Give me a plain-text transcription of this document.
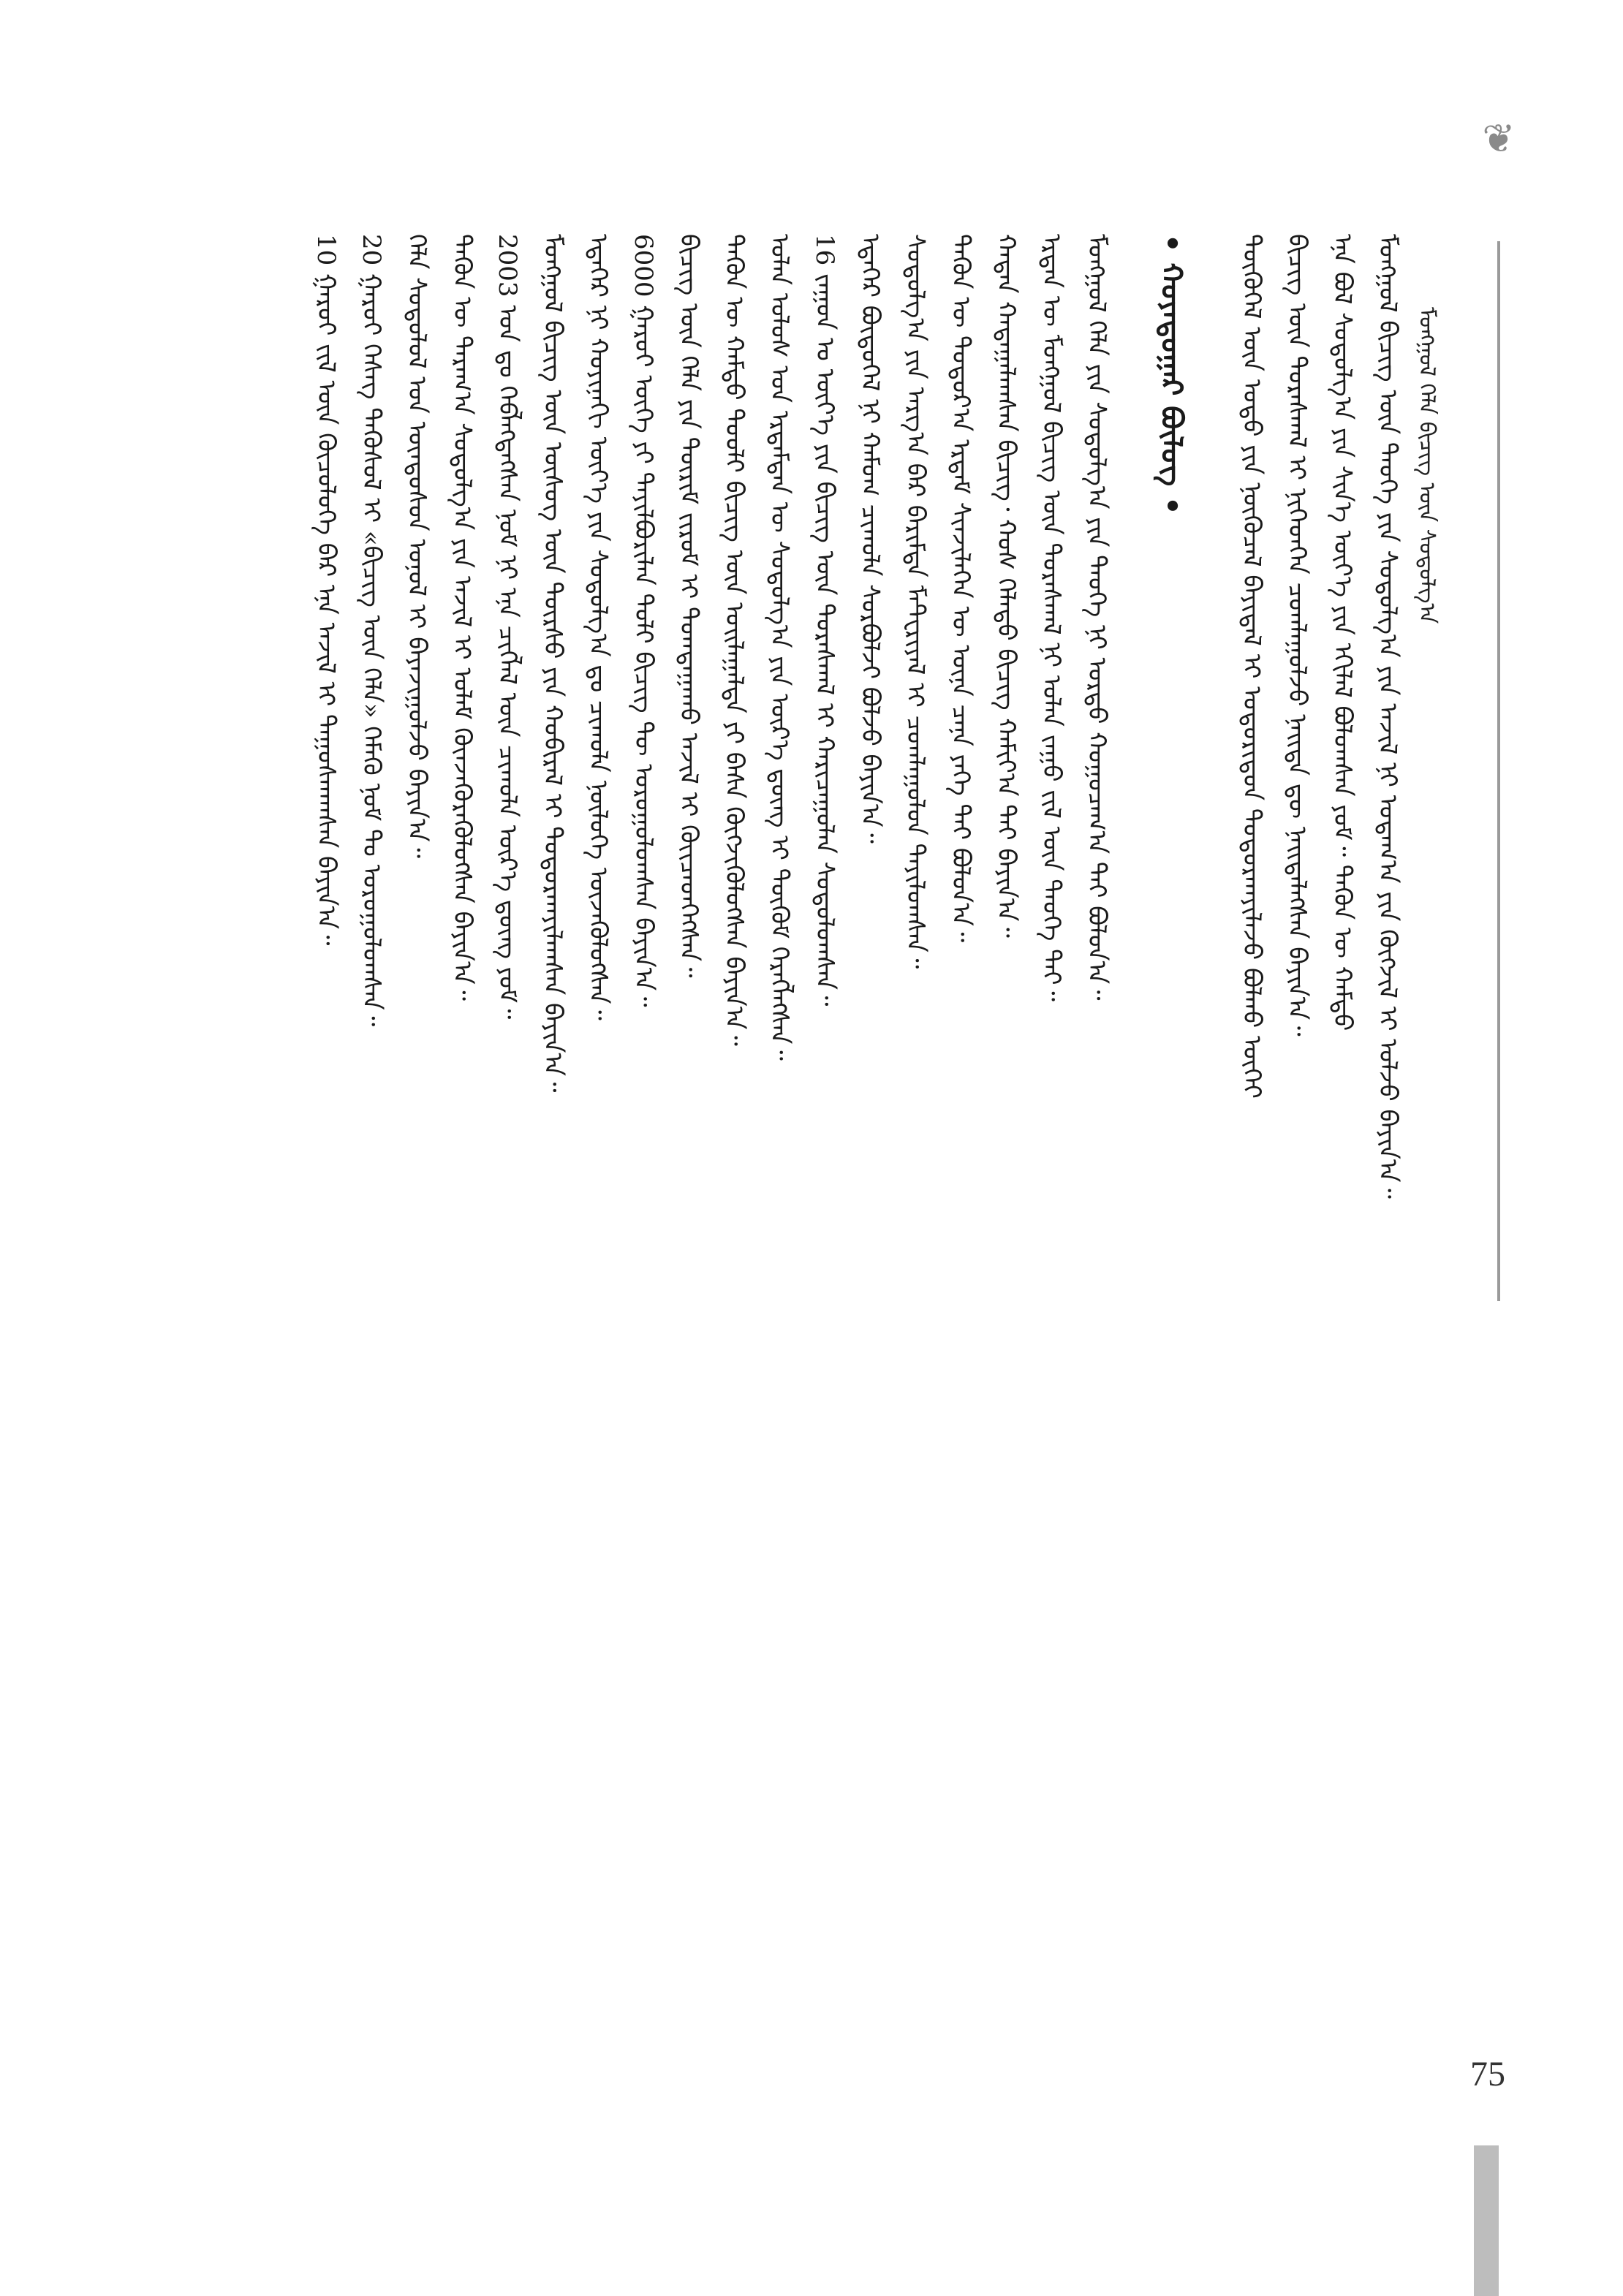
❦
ᠮᠣᠩᠭᠣᠯ ᠬᠡᠯᠡ ᠪᠢᠴᠢᠭ ᠦᠨ ᠰᠤᠳᠤᠯᠭ᠎ᠠ
ᠮᠣᠩᠭᠣᠯ ᠪᠢᠴᠢᠭ ᠦᠨ ᠲᠡᠦᠬᠡ ᠶᠢᠨ ᠰᠤᠳᠤᠯᠭ᠎ᠠ ᠶᠢᠨ ᠠᠵᠢᠯ ᠨᠢ ᠤᠳᠠᠭ᠎ᠠ ᠶᠢᠨ ᠬᠦᠭᠵᠢᠯ ᠢ ᠣᠯᠵᠤ ᠪᠠᠶᠢᠨ᠎ᠠ᠃
ᠡᠨᠡ ᠪᠣᠯ ᠰᠤᠳᠤᠯᠭ᠎ᠠ ᠶᠢᠨ ᠰᠢᠨ᠎ᠡ ᠦᠶ᠎ᠡ ᠶᠢᠨ ᠡᠬᠢᠯᠡᠯ ᠪᠣᠯᠤᠭᠰᠠᠨ ᠶᠤᠮ᠃ ᠲᠡᠭᠦᠨ ᠦ ᠬᠠᠮᠲᠤ
ᠪᠢᠴᠢᠭ ᠦᠨ ᠳᠤᠷᠠᠰᠬᠠᠯ ᠢ ᠨᠢᠭᠡᠳᠬᠡᠨ ᠴᠤᠭᠯᠠᠭᠤᠯᠵᠤ ᠨᠡᠢᠲᠡ ᠳᠦ ᠨᠡᠢᠲᠡᠯᠡᠭᠰᠡᠨ ᠪᠠᠶᠢᠨ᠎ᠠ᠃
ᠲᠦᠭᠦᠬᠡᠯ ᠦᠨ ᠣᠳᠣ ᠶᠢᠨ ᠨᠦᠬᠦᠴᠡᠯ ᠪᠠᠶᠢᠳᠠᠯ ᠢ ᠤᠳᠤᠷᠢᠳᠤᠨ ᠲᠣᠳᠣᠷᠬᠠᠶᠢᠯᠠᠵᠤ ᠪᠣᠯᠬᠤ ᠦᠭᠡᠢ
• ᠬᠣᠶᠠᠳᠤᠭᠠᠷ ᠪᠦᠯᠦᠭ •
ᠮᠣᠩᠭᠣᠯ ᠬᠡᠯᠡ ᠶᠢᠨ ᠰᠤᠳᠤᠯᠭ᠎ᠠ ᠶᠢᠨ ᠲᠡᠦᠬᠡ ᠨᠢ ᠤᠷᠲᠤ ᠬᠤᠭᠤᠴᠠᠭ᠎ᠠ ᠲᠠᠢ ᠪᠣᠯᠤᠨ᠎ᠠ᠃
ᠡᠷᠲᠡᠨ ᠦ ᠮᠣᠩᠭᠣᠯ ᠪᠢᠴᠢᠭ ᠦᠨ ᠳᠤᠷᠠᠰᠬᠠᠯ ᠨᠢ ᠣᠯᠠᠨ ᠵᠠᠭᠤ ᠵᠢᠯ ᠦᠨ ᠲᠡᠦᠬᠡ ᠲᠠᠢ᠃
ᠬᠠᠳᠠᠨ ᠬᠠᠳᠠᠭᠠᠯᠠᠭᠰᠠᠨ ᠪᠢᠴᠢᠭ᠂ ᠬᠣᠰ ᠬᠡᠯᠡᠲᠦ ᠪᠢᠴᠢᠭ ᠬᠠᠮᠢᠶ᠎ᠠ ᠲᠠᠢ ᠪᠠᠶᠢᠨ᠎ᠠ᠃
ᠲᠡᠭᠦᠨ ᠦ ᠳᠣᠲᠣᠷ᠎ᠠ ᠡᠷᠳᠡᠮ ᠰᠢᠨᠵᠢᠯᠡᠭᠡᠨ ᠦ ᠦᠨᠡ ᠴᠡᠨᠡ ᠶᠡᠬᠡ ᠲᠠᠢ ᠪᠣᠯᠤᠨ᠎ᠠ᠃
ᠰᠤᠳᠤᠯᠭ᠎ᠠ ᠶᠢᠨ ᠠᠷᠭ᠎ᠠ ᠪᠠᠷ ᠪᠠᠷᠢᠮᠲᠠ ᠮᠠᠲᠧᠷᠢᠶᠠᠯ ᠢ ᠴᠤᠭᠯᠠᠭᠤᠯᠤᠨ ᠲᠠᠶᠢᠯᠤᠭᠰᠠᠨ᠃
ᠡᠳᠡᠭᠡᠷ ᠪᠦᠲᠦᠭᠡᠯ ᠨᠢ ᠬᠠᠮᠤᠭ ᠴᠢᠬᠤᠯᠠ ᠰᠤᠷᠪᠤᠯᠵᠢ ᠪᠣᠯᠵᠤ ᠪᠠᠶᠢᠨ᠎ᠠ᠃
16 ᠵᠠᠭᠤᠨ ᠤ ᠦᠶ᠎ᠡ ᠶᠢᠨ ᠪᠢᠴᠢᠭ ᠦᠨ ᠳᠤᠷᠠᠰᠬᠠᠯ ᠢ ᠬᠠᠷᠢᠴᠠᠭᠤᠯᠠᠨ ᠰᠤᠳᠤᠯᠤᠭᠰᠠᠨ᠃
ᠣᠯᠠᠨ ᠤᠯᠤᠰ ᠤᠨ ᠡᠷᠳᠡᠮᠲᠡᠨ ᠦ ᠰᠤᠳᠤᠯᠭ᠎ᠠ ᠶᠢᠨ ᠦᠷ᠎ᠡ ᠳ᠋ᠦᠩ ᠢ ᠳᠦᠭᠦᠮ ᠬᠡᠷᠡᠭᠯᠡᠭᠰᠡᠨ᠃
ᠲᠡᠭᠦᠨ ᠦ ᠬᠠᠮᠲᠤ ᠲᠤᠤᠯᠢ ᠪᠢᠴᠢᠭ ᠦᠨ ᠣᠢᠯᠠᠭᠠᠯᠲᠠ ᠶᠢ ᠪᠠᠰᠠ ᠬᠥᠭᠵᠢᠭᠦᠯᠦᠭᠰᠡᠨ ᠪᠠᠶᠢᠨ᠎ᠠ᠃
ᠪᠢᠴᠢᠭ ᠦᠨ ᠬᠡᠯᠡ ᠶᠢᠨ ᠳᠦᠷᠢᠮ ᠵᠢᠷᠤᠮ ᠢ ᠲᠣᠭᠲᠠᠭᠠᠬᠤ ᠠᠵᠢᠯ ᠢ ᠭᠦᠢᠴᠡᠳᠬᠡᠭᠰᠡᠨ᠃
6000 ᠭᠠᠷᠤᠢ ᠦᠭᠡ ᠶᠢ ᠲᠠᠶᠢᠯᠪᠤᠷᠢᠯᠠᠨ ᠲᠣᠯᠢ ᠪᠢᠴᠢᠭ ᠲᠦ ᠣᠷᠤᠭᠤᠯᠤᠭᠰᠠᠨ ᠪᠠᠶᠢᠨ᠎ᠠ᠃
ᠡᠳᠡᠭᠡᠷ ᠨᠢ ᠬᠣᠶᠢᠨᠠᠬᠢ ᠦᠶ᠎ᠡ ᠶᠢᠨ ᠰᠤᠳᠤᠯᠭ᠎ᠠ ᠳᠤ ᠴᠢᠬᠤᠯᠠ ᠨᠥᠯᠦᠭᠡ ᠦᠵᠡᠭᠦᠯᠦᠭᠰᠡᠨ᠃
ᠮᠣᠩᠭᠣᠯ ᠪᠢᠴᠢᠭ ᠦᠨ ᠦᠰᠦᠭ ᠦᠨ ᠳᠦᠷᠰᠦ ᠶᠢᠨ ᠬᠤᠪᠢᠷᠠᠯ ᠢ ᠲᠣᠳᠣᠷᠬᠠᠶᠢᠯᠠᠭᠰᠠᠨ ᠪᠠᠶᠢᠨ᠎ᠠ᠃
2003 ᠣᠨ ᠳᠤ ᠬᠡᠪᠯᠡᠭᠳᠡᠭᠰᠡᠨ ᠨᠣᠮ ᠨᠢ ᠡᠨᠡ ᠴᠢᠭᠯᠡᠯ ᠦᠨ ᠴᠢᠬᠤᠯᠠ ᠦᠷ᠎ᠡ ᠳ᠋ᠦᠩ ᠶᠤᠮ᠃
ᠲᠡᠭᠦᠨ ᠦ ᠳᠠᠷᠠᠭ᠎ᠠ ᠰᠤᠳᠤᠯᠭ᠎ᠠ ᠶᠢᠨ ᠠᠵᠢᠯ ᠢ ᠤᠯᠠᠮ ᠭᠦᠨᠵᠡᠭᠦᠷᠡᠭᠦᠯᠦᠭᠰᠡᠨ ᠪᠠᠶᠢᠨ᠎ᠠ᠃
ᠬᠡᠯᠡ ᠰᠤᠳᠤᠯᠤᠯ ᠤᠨ ᠦᠨᠳᠦᠰᠦᠨ ᠣᠨᠣᠯ ᠢ ᠪᠠᠶᠠᠵᠢᠭᠤᠯᠵᠤ ᠪᠠᠶᠢᠨ᠎ᠠ᠃
20 ᠭᠠᠷᠤᠢ ᠬᠡᠰᠡᠭ ᠲᠡᠭᠦᠰᠦᠯ ᠢ «ᠪᠢᠴᠢᠭ ᠦᠨ ᠬᠡᠯᠡ» ᠬᠡᠮᠡᠬᠦ ᠨᠣᠮ ᠲᠤ ᠣᠷᠤᠭᠤᠯᠤᠭᠰᠠᠨ᠃
10 ᠭᠠᠷᠤᠢ ᠵᠢᠯ ᠦᠨ ᠬᠦᠴᠦᠯᠦᠭᠡ ᠪᠠᠷ ᠡᠨᠡ ᠠᠵᠢᠯ ᠢ ᠳᠠᠭᠤᠰᠬᠠᠭᠰᠠᠨ ᠪᠠᠶᠢᠨ᠎ᠠ᠃
75
